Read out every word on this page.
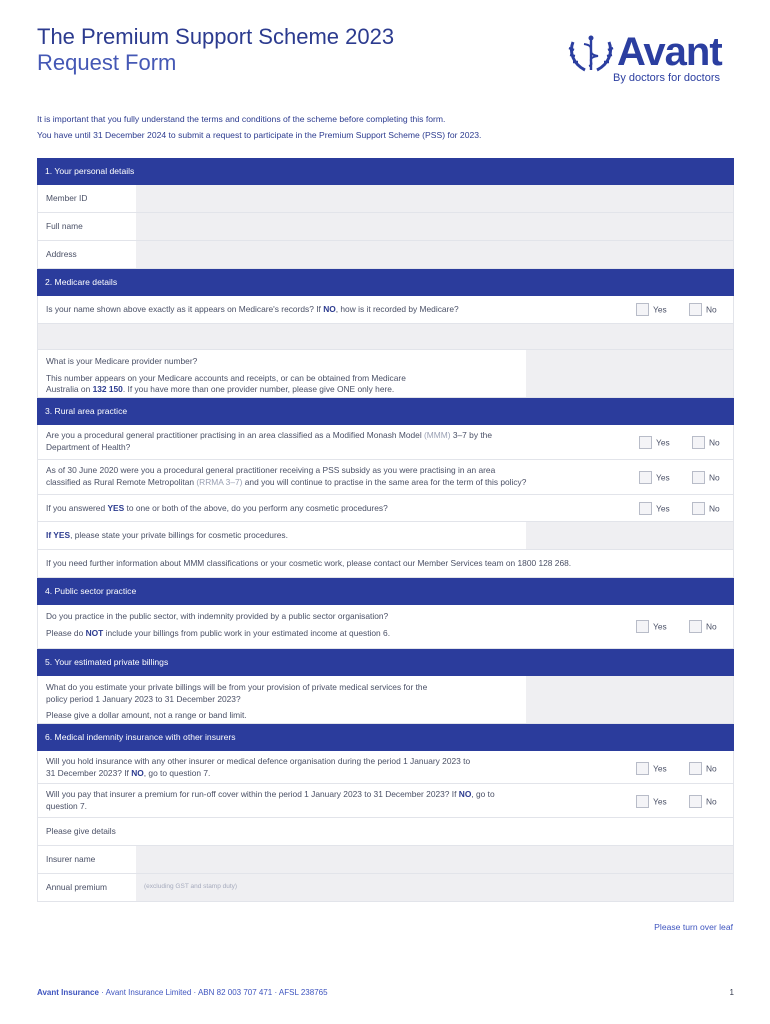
The Premium Support Scheme 2023
Request Form	Avant
By doctors for doctors
It is important that you fully understand the terms and conditions of the scheme before completing this form.
You have until 31 December 2024 to submit a request to participate in the Premium Support Scheme (PSS) for 2023.
1. Your personal details
Member ID
Full name
Address
2. Medicare details
Is your name shown above exactly as it appears on Medicare's records? If NO, how is it recorded by Medicare?	Yes	No
What is your Medicare provider number?
This number appears on your Medicare accounts and receipts, or can be obtained from Medicare
Australia on 132 150. If you have more than one provider number, please give ONE only here.
3. Rural area practice
Are you a procedural general practitioner practising in an area classified as a Modified Monash Model (MMM) 3–7 by the
Department of Health?	Yes	No
As of 30 June 2020 were you a procedural general practitioner receiving a PSS subsidy as you were practising in an area
classified as Rural Remote Metropolitan (RRMA 3–7) and you will continue to practise in the same area for the term of this policy?	Yes	No
If you answered YES to one or both of the above, do you perform any cosmetic procedures?	Yes	No
If YES, please state your private billings for cosmetic procedures.
If you need further information about MMM classifications or your cosmetic work, please contact our Member Services team on 1800 128 268.
4. Public sector practice
Do you practice in the public sector, with indemnity provided by a public sector organisation?
Please do NOT include your billings from public work in your estimated income at question 6.
Yes	No
5. Your estimated private billings
What do you estimate your private billings will be from your provision of private medical services for the
policy period 1 January 2023 to 31 December 2023?
Please give a dollar amount, not a range or band limit.
6. Medical indemnity insurance with other insurers
Will you hold insurance with any other insurer or medical defence organisation during the period 1 January 2023 to
31 December 2023? If NO, go to question 7.	Yes	No
Will you pay that insurer a premium for run-off cover within the period 1 January 2023 to 31 December 2023? If NO, go to
question 7.	Yes	No
Please give details
Insurer name
Annual premium	(excluding GST and stamp duty)
Please turn over leaf
Avant Insurance · Avant Insurance Limited · ABN 82 003 707 471 · AFSL 238765	1
